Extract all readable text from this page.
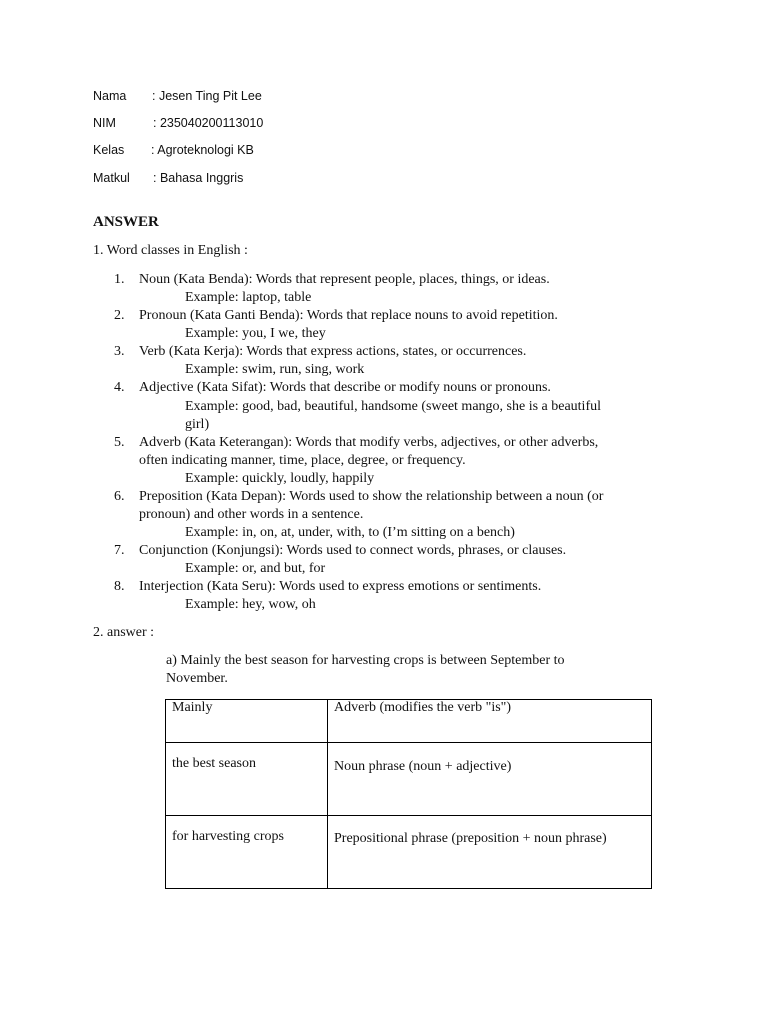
Nama : Jesen Ting Pit Lee
NIM	: 235040200113010
Kelas : Agroteknologi KB
Matkul : Bahasa Inggris
ANSWER
1. Word classes in English :
1. Noun (Kata Benda): Words that represent people, places, things, or ideas.
Example: laptop, table
2. Pronoun (Kata Ganti Benda): Words that replace nouns to avoid repetition.
Example: you, I we, they
3. Verb (Kata Kerja): Words that express actions, states, or occurrences.
Example: swim, run, sing, work
4. Adjective (Kata Sifat): Words that describe or modify nouns or pronouns.
Example: good, bad, beautiful, handsome (sweet mango, she is a beautiful
girl)
5. Adverb (Kata Keterangan): Words that modify verbs, adjectives, or other adverbs,
often indicating manner, time, place, degree, or frequency.
Example: quickly, loudly, happily
6. Preposition (Kata Depan): Words used to show the relationship between a noun (or
pronoun) and other words in a sentence.
Example: in, on, at, under, with, to (I’m sitting on a bench)
7. Conjunction (Konjungsi): Words used to connect words, phrases, or clauses.
Example: or, and but, for
8. Interjection (Kata Seru): Words used to express emotions or sentiments.
Example: hey, wow, oh
2. answer :
a) Mainly the best season for harvesting crops is between September to
November.
Mainly	Adverb (modifies the verb "is")
the best season	Noun phrase (noun + adjective)
for harvesting crops	Prepositional phrase (preposition + noun phrase)
